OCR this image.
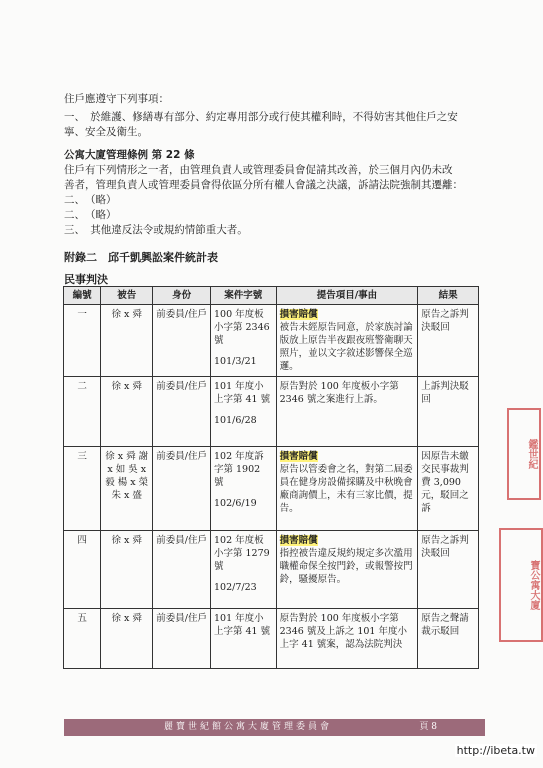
住戶應遵守下列事項：
一、　於維護、修繕專有部分、約定專用部分或行使其權利時，不得妨害其他住戶之安
寧、安全及衛生。
公寓大廈管理條例 第 22 條
住戶有下列情形之一者，由管理負責人或管理委員會促請其改善，於三個月內仍未改
善者，管理負責人或管理委員會得依區分所有權人會議之決議，訴請法院強制其遷離：
二、　（略）
二、　（略）
三、　其他違反法令或規約情節重大者。
附錄二　邱千凱興訟案件統計表
民事判決
編號	被告	身份	案件字號	提告項目/事由	結果
一	徐 x 舜	前委員/住戶	100 年度板小字第 2346 號
101/3/21	損害賠償
被告未經原告同意，於家族討論版放上原告半夜跟夜班警衛聊天照片，並以文字敘述影響保全巡邏。	原告之訴判決駁回
二	徐 x 舜	前委員/住戶	101 年度小上字第 41 號
101/6/28	原告對於 100 年度板小字第 2346 號之案進行上訴。	上訴判決駁回
三	徐 x 舜 謝 x 如 吳 x 毅 楊 x 榮 朱 x 盛	前委員/住戶	102 年度訴字第 1902 號
102/6/19	損害賠償
原告以管委會之名，對第二屆委員在健身房設備採購及中秋晚會廠商詢價上，未有三家比價，提告。	因原告未繳交民事裁判費 3,090 元，駁回之訴
四	徐 x 舜	前委員/住戶	102 年度板小字第 1279 號
102/7/23	損害賠償
指控被告違反規約規定多次濫用職權命保全按門鈴，或報警按門鈴，騷擾原告。	原告之訴判決駁回
五	徐 x 舜	前委員/住戶	101 年度小上字第 41 號	原告對於 100 年度板小字第 2346 號及上訴之 101 年度小上字 41 號案，認為法院判決	原告之聲請裁示駁回
麗寶世紀館公寓大廈管理委員會	頁 8
鑑世紀
寶公寓大廈
http://ibeta.tw
